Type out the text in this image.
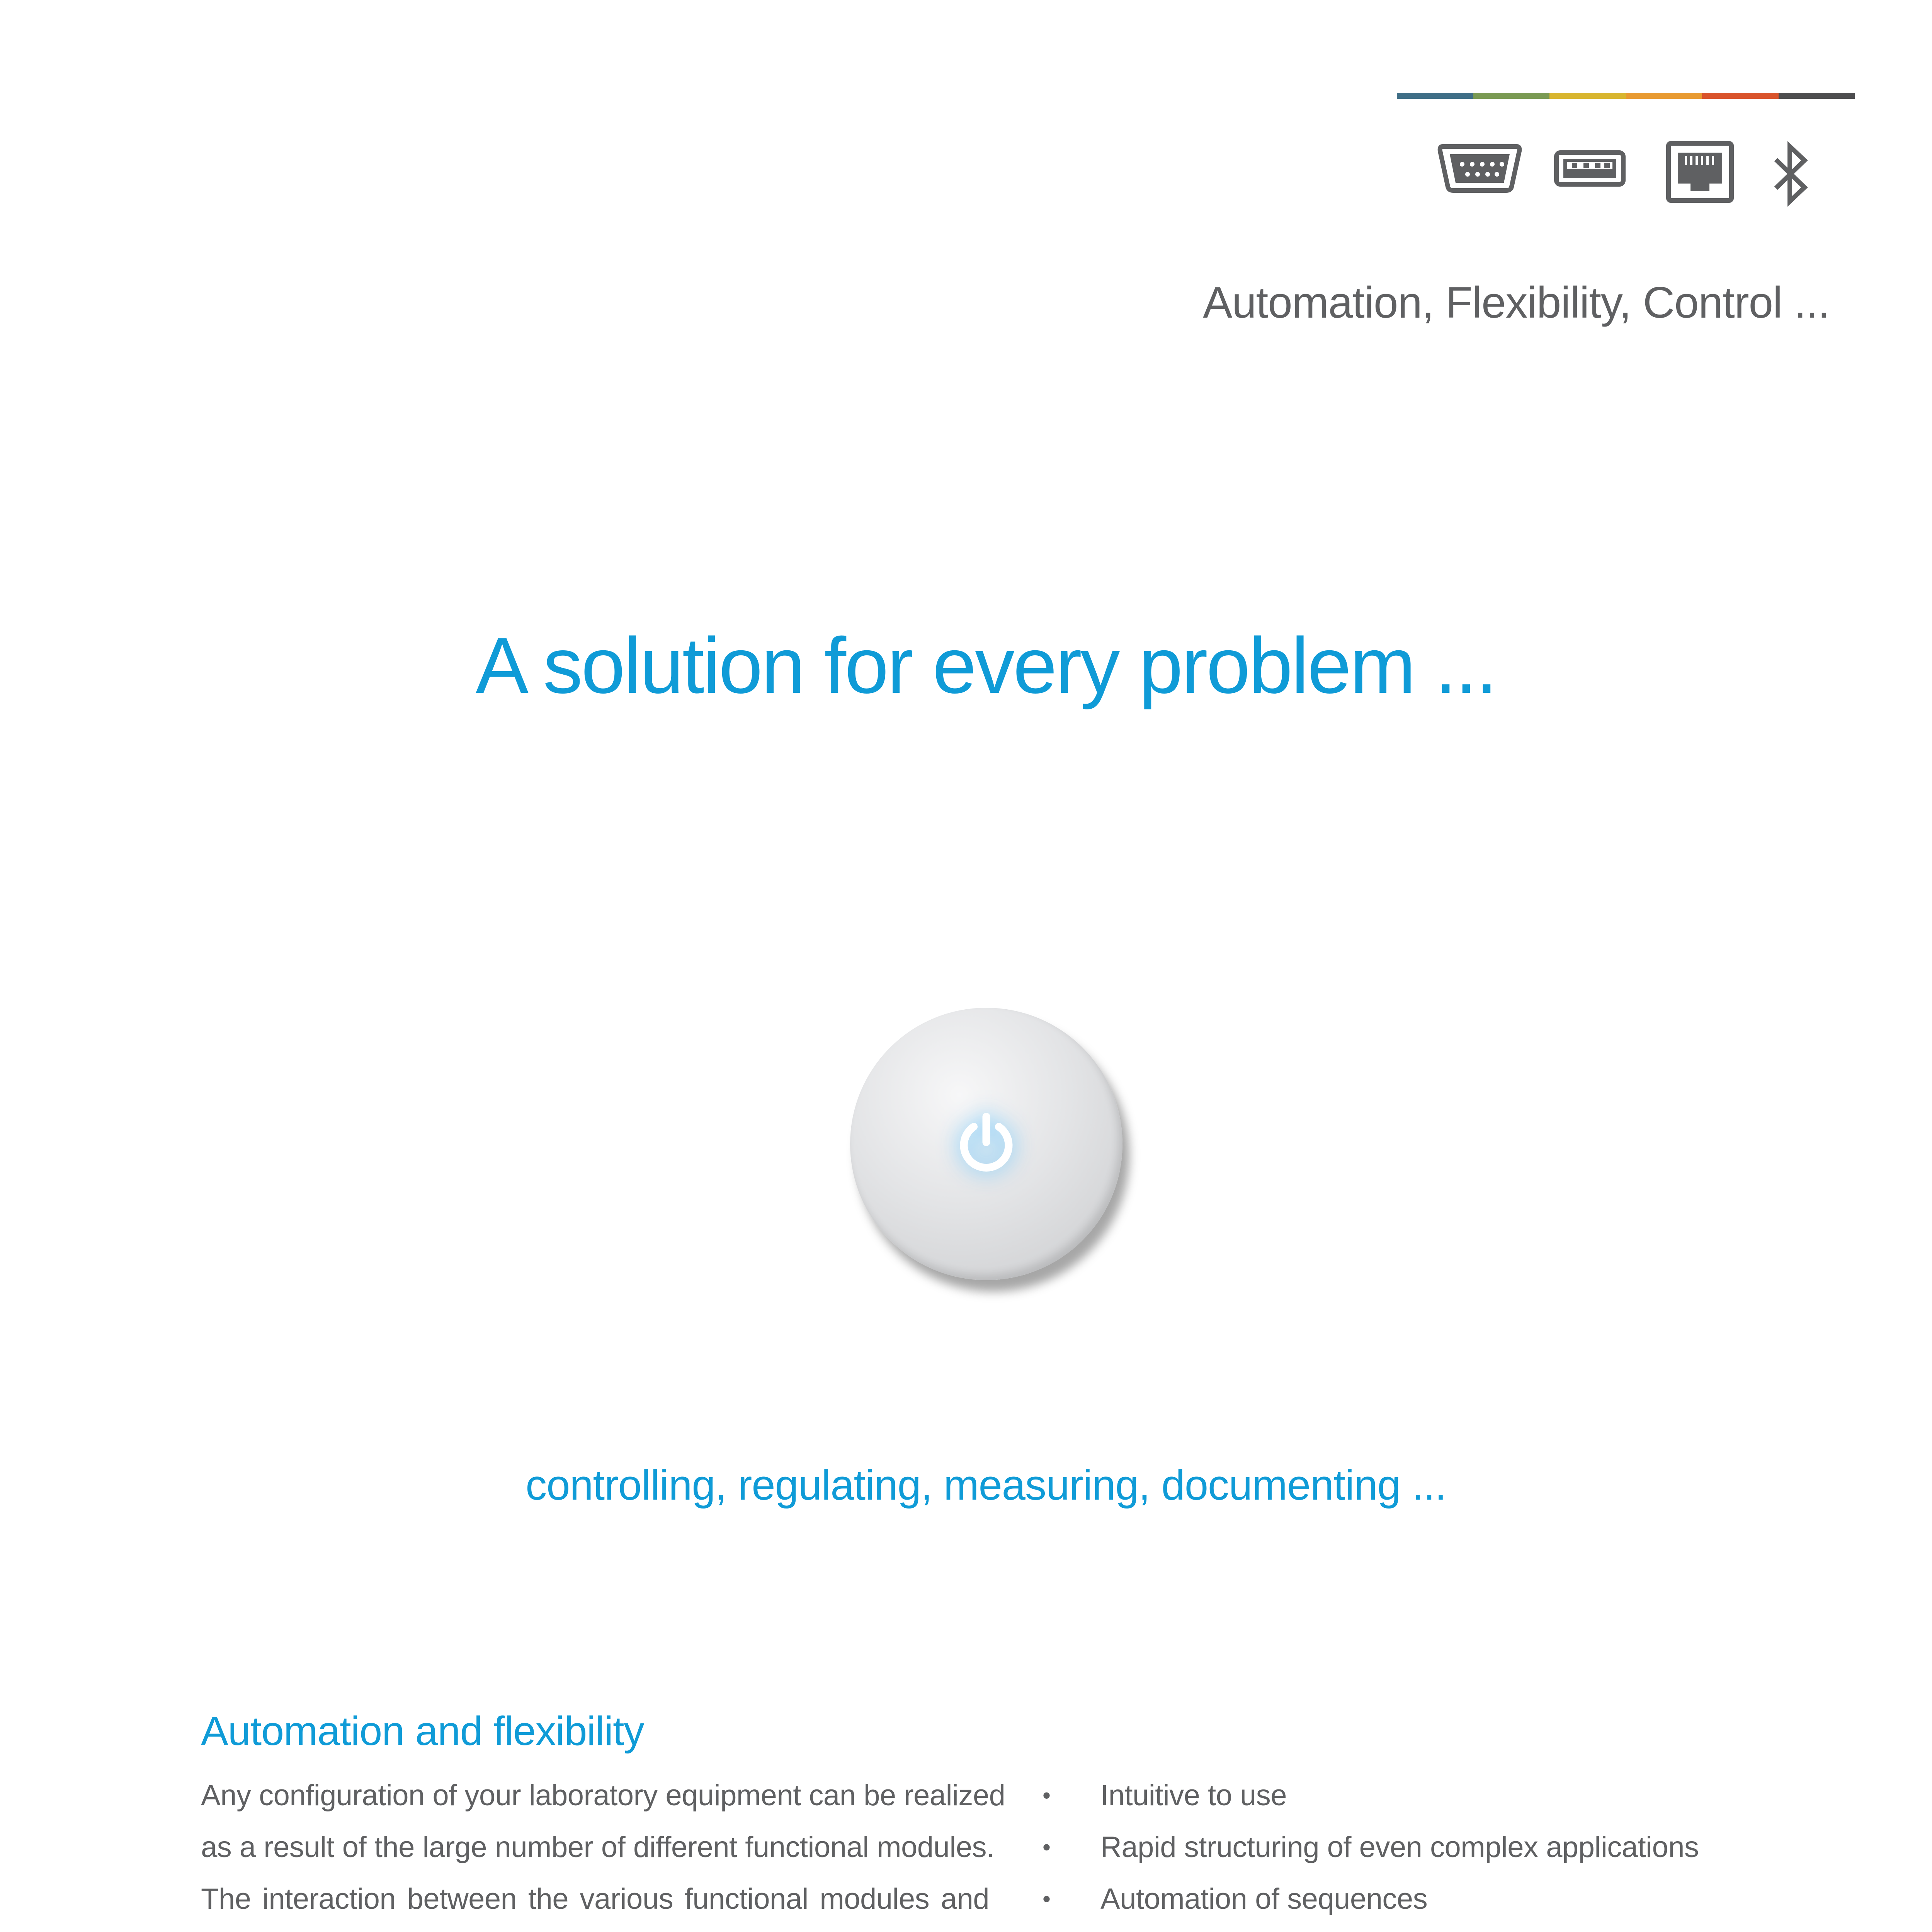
Automation, Flexibility, Control ...
A solution for every problem ...
controlling, regulating, measuring, documenting ...
Automation and flexibility
Any configuration of your laboratory equipment can be realized
as a result of the large number of different functional modules.
The interaction between the various functional modules and
• Intuitive to use
• Rapid structuring of even complex applications
• Automation of sequences
